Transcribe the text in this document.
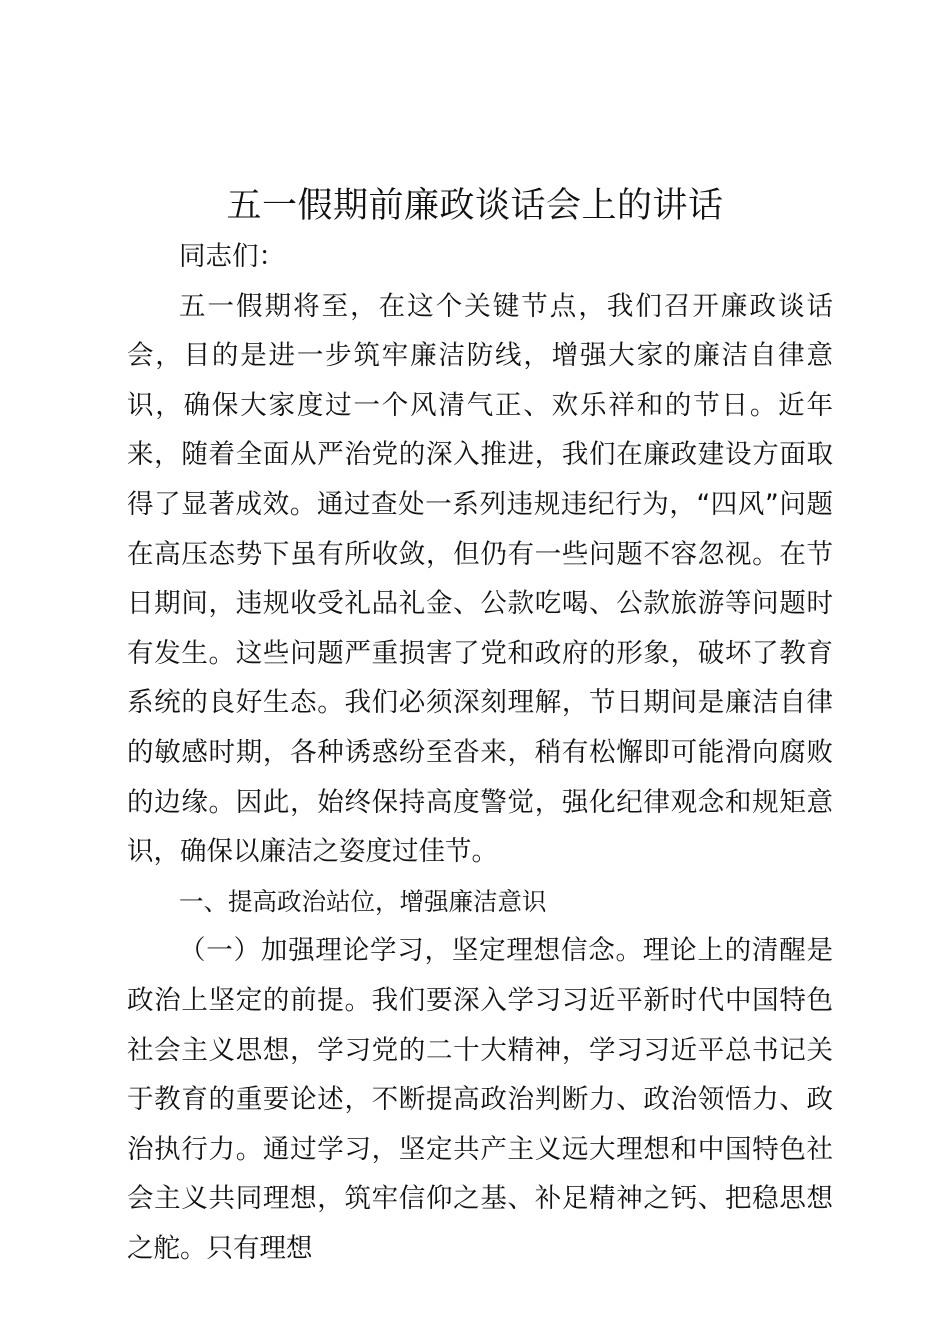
五一假期前廉政谈话会上的讲话

同志们：

五一假期将至，在这个关键节点，我们召开廉政谈话会，目的是进一步筑牢廉洁防线，增强大家的廉洁自律意识，确保大家度过一个风清气正、欢乐祥和的节日。近年来，随着全面从严治党的深入推进，我们在廉政建设方面取得了显著成效。通过查处一系列违规违纪行为，“四风”问题在高压态势下虽有所收敛，但仍有一些问题不容忽视。在节日期间，违规收受礼品礼金、公款吃喝、公款旅游等问题时有发生。这些问题严重损害了党和政府的形象，破坏了教育系统的良好生态。我们必须深刻理解，节日期间是廉洁自律的敏感时期，各种诱惑纷至沓来，稍有松懈即可能滑向腐败的边缘。因此，始终保持高度警觉，强化纪律观念和规矩意识，确保以廉洁之姿度过佳节。

一、提高政治站位，增强廉洁意识

（一）加强理论学习，坚定理想信念。理论上的清醒是政治上坚定的前提。我们要深入学习习近平新时代中国特色社会主义思想，学习党的二十大精神，学习习近平总书记关于教育的重要论述，不断提高政治判断力、政治领悟力、政治执行力。通过学习，坚定共产主义远大理想和中国特色社会主义共同理想，筑牢信仰之基、补足精神之钙、把稳思想之舵。只有理想
